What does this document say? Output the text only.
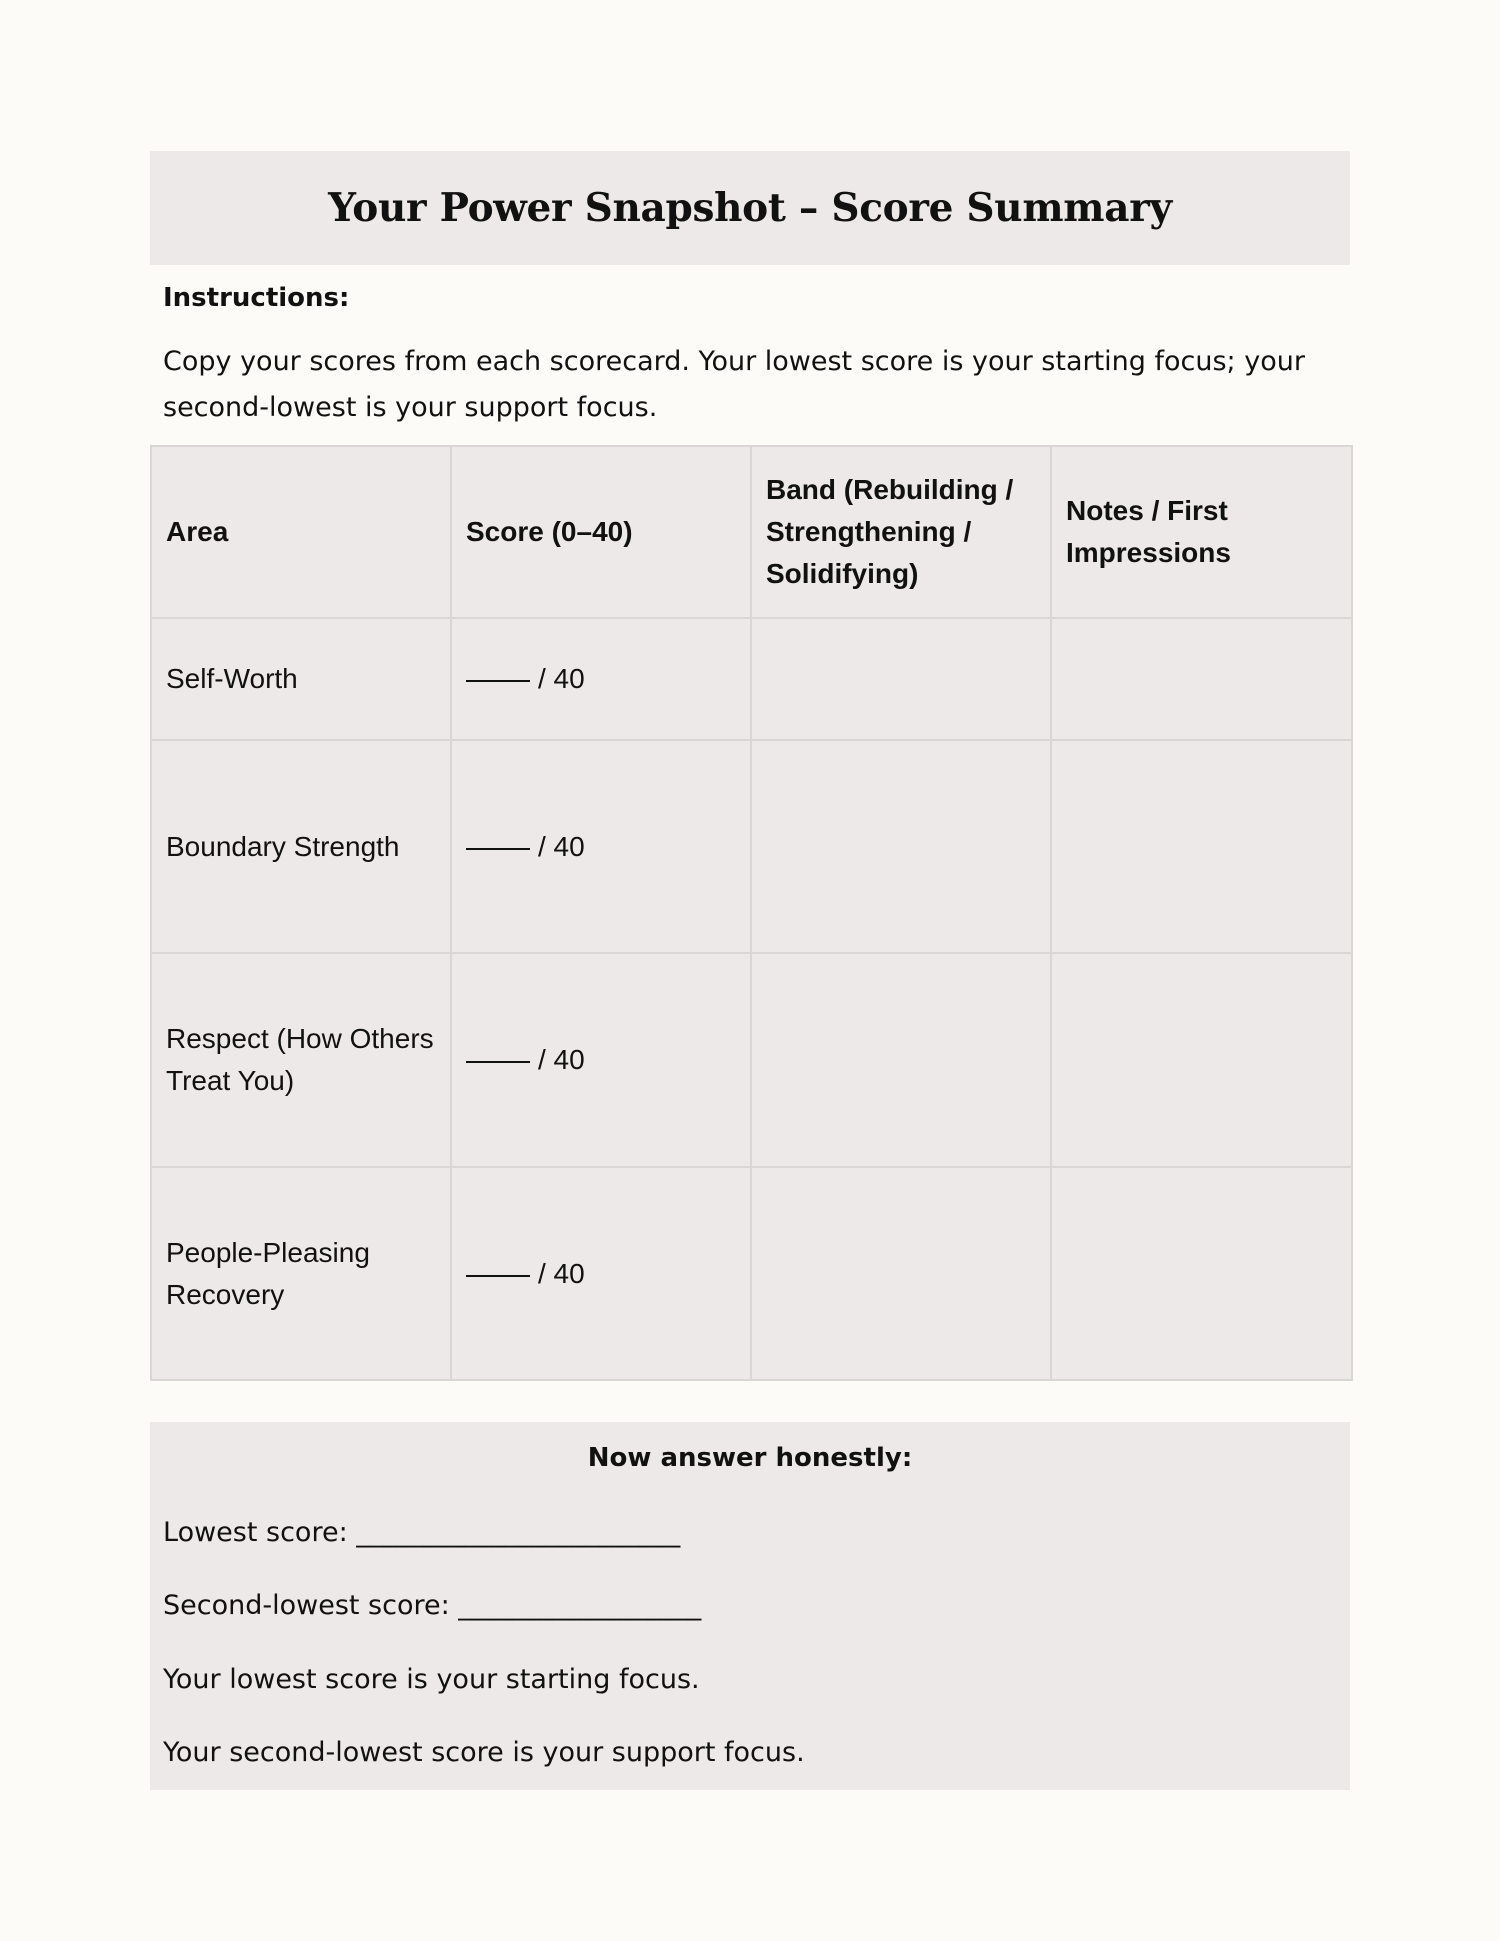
Your Power Snapshot – Score Summary

Instructions:

Copy your scores from each scorecard. Your lowest score is your starting focus; your second-lowest is your support focus.

Area	Score (0–40)	Band (Rebuilding / Strengthening / Solidifying)	Notes / First Impressions
Self-Worth	/ 40		
Boundary Strength	/ 40		
Respect (How Others Treat You)	/ 40		
People-Pleasing Recovery	/ 40		

Now answer honestly:

Lowest score: ________________________

Second-lowest score: __________________

Your lowest score is your starting focus.

Your second-lowest score is your support focus.
